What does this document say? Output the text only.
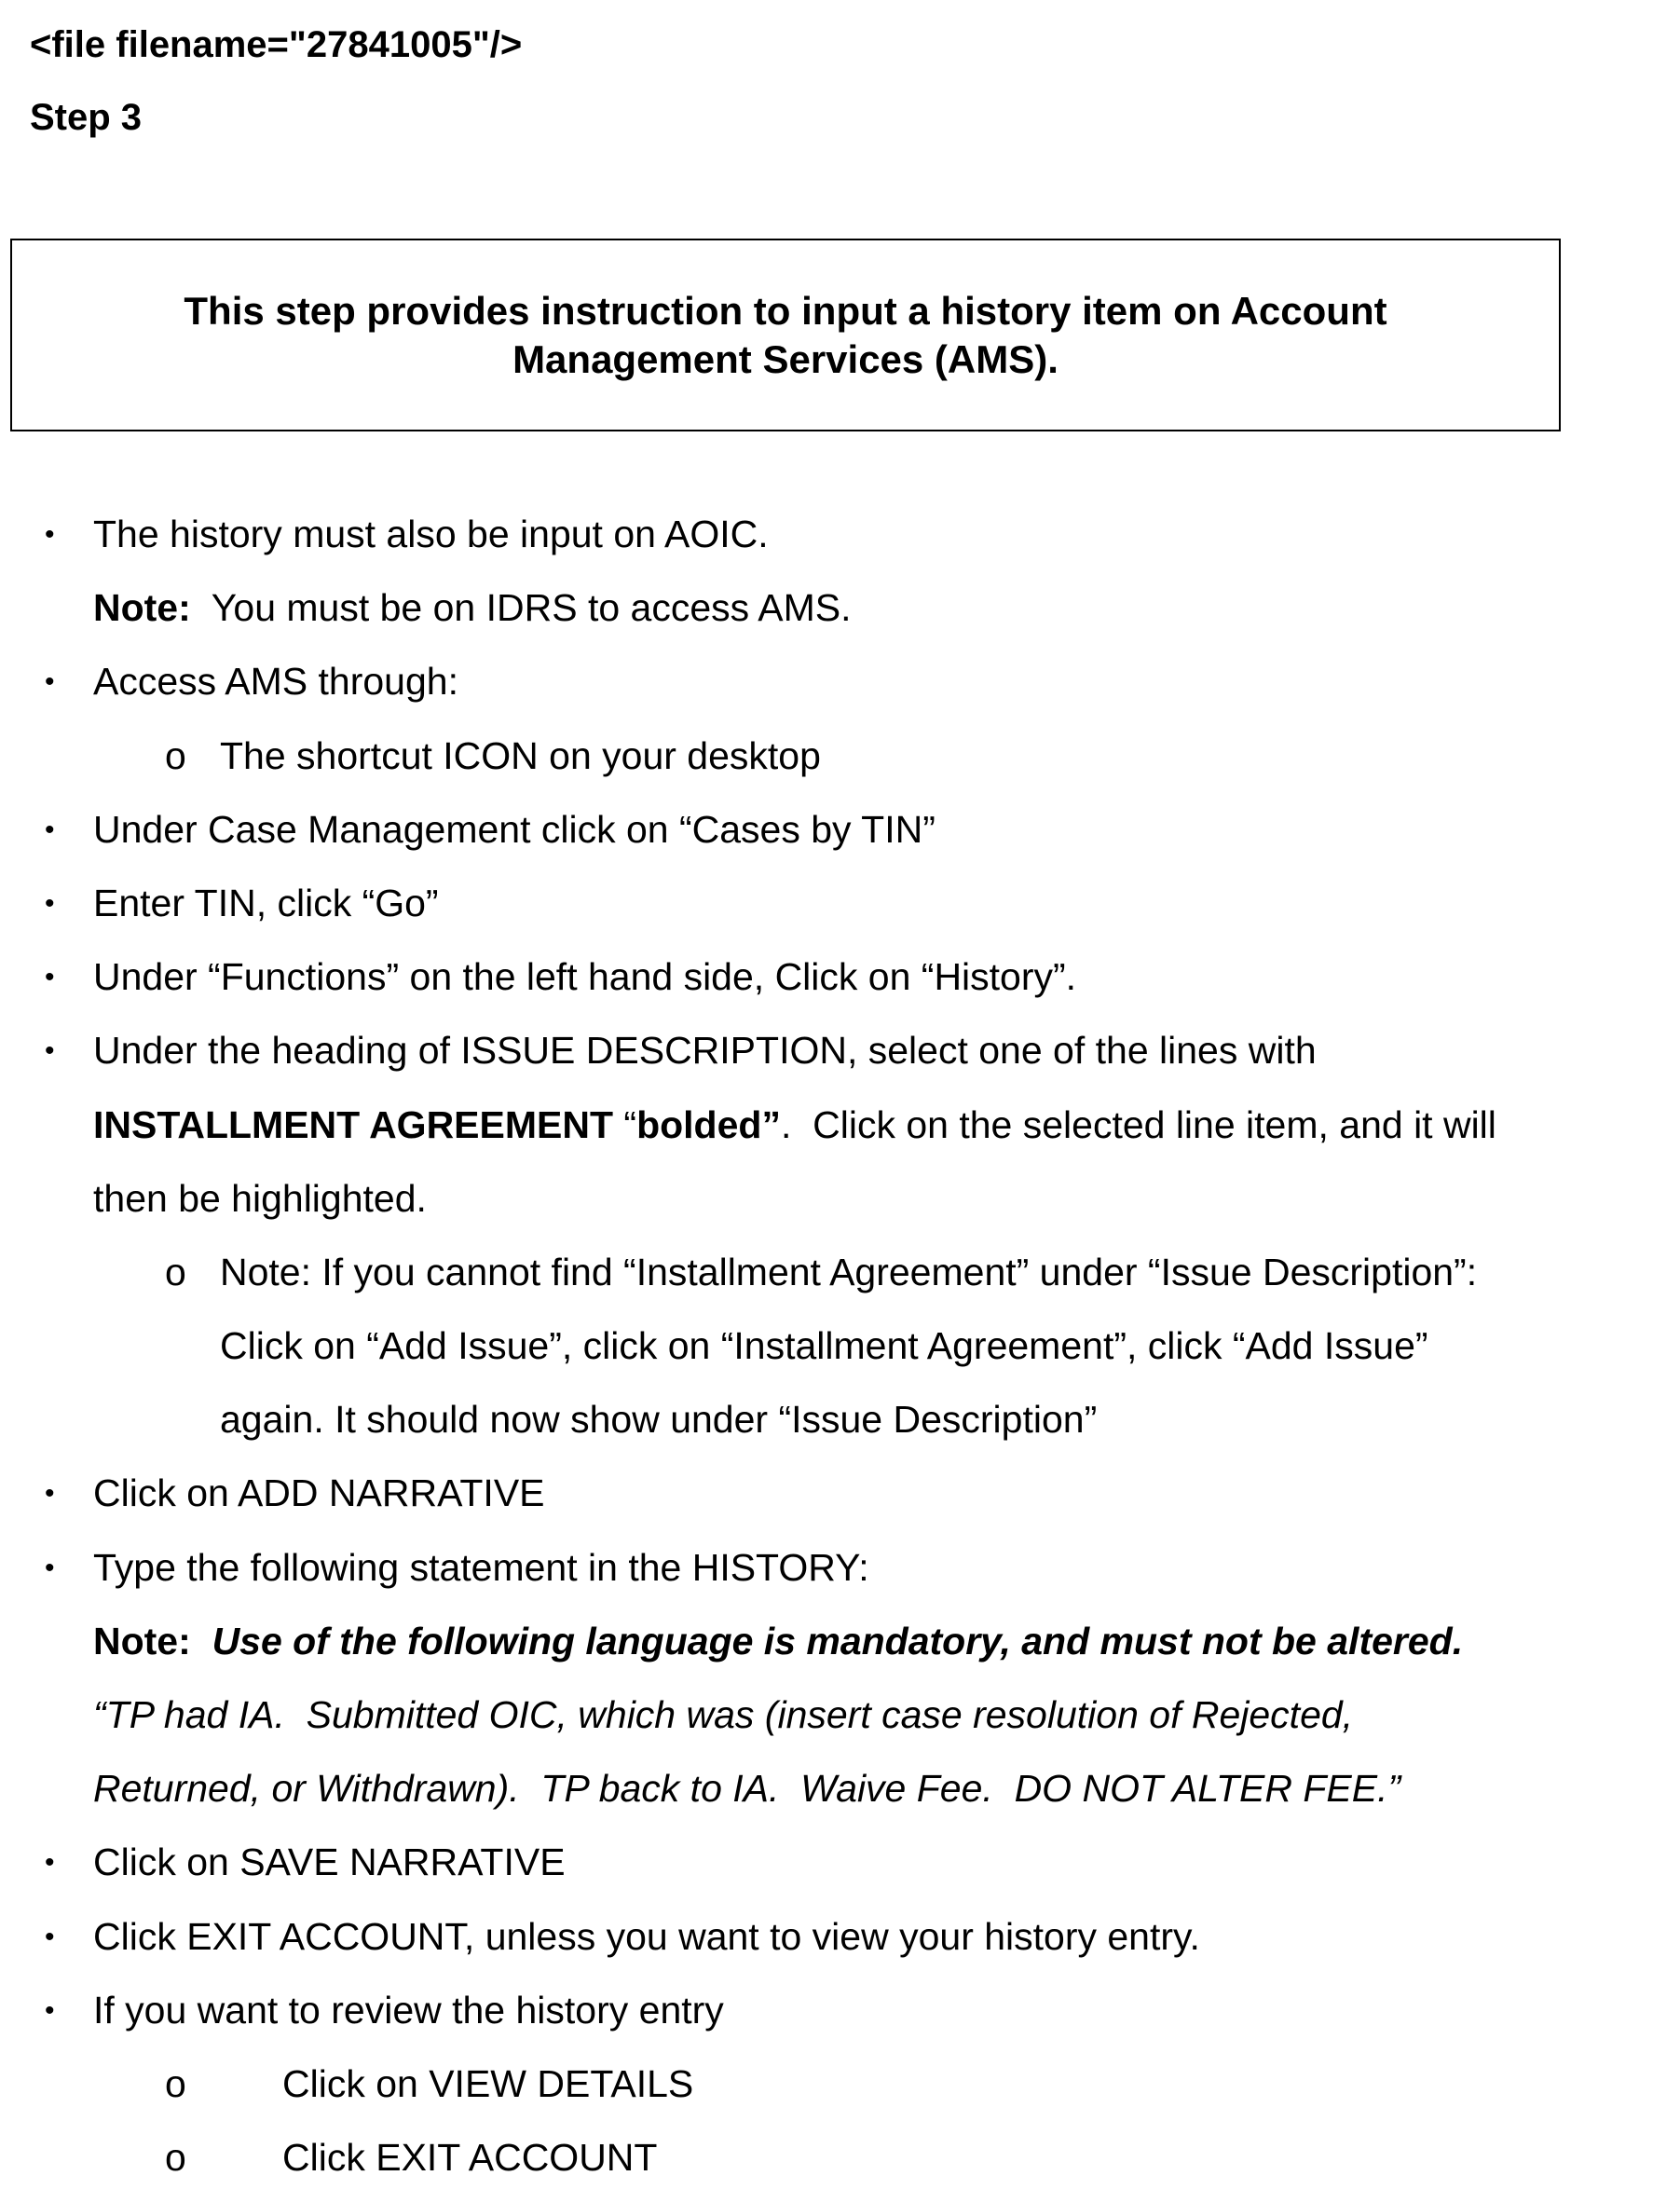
<file filename="27841005"/>
Step 3
This step provides instruction to input a history item on Account Management Services (AMS).
• The history must also be input on AOIC.
Note:  You must be on IDRS to access AMS.
• Access AMS through:
o The shortcut ICON on your desktop
• Under Case Management click on “Cases by TIN”
• Enter TIN, click “Go”
• Under “Functions” on the left hand side, Click on “History”.
• Under the heading of ISSUE DESCRIPTION, select one of the lines with
INSTALLMENT AGREEMENT “bolded”.  Click on the selected line item, and it will
then be highlighted.
o Note: If you cannot find “Installment Agreement” under “Issue Description”:
Click on “Add Issue”, click on “Installment Agreement”, click “Add Issue”
again. It should now show under “Issue Description”
• Click on ADD NARRATIVE
• Type the following statement in the HISTORY:
Note: Use of the following language is mandatory, and must not be altered.
“TP had IA.  Submitted OIC, which was (insert case resolution of Rejected,
Returned, or Withdrawn).  TP back to IA.  Waive Fee.  DO NOT ALTER FEE.”
• Click on SAVE NARRATIVE
• Click EXIT ACCOUNT, unless you want to view your history entry.
• If you want to review the history entry
o	Click on VIEW DETAILS
o	Click EXIT ACCOUNT
